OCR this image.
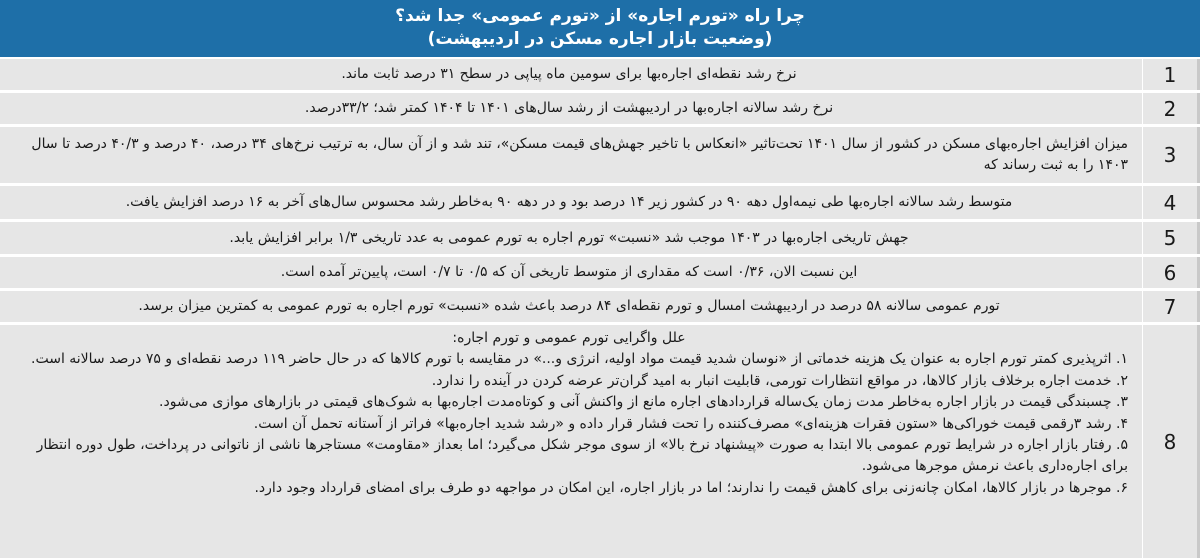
چرا راه «تورم اجاره» از «تورم عمومی» جدا شد؟
(وضعیت بازار اجاره مسکن در اردیبهشت)
1

نرخ رشد نقطه‌ای اجاره‌بها برای سومین ماه پیاپی در سطح ۳۱ درصد ثابت ماند.

2

نرخ رشد سالانه اجاره‌بها در اردیبهشت از رشد سال‌های ۱۴۰۱ تا ۱۴۰۴ کمتر شد؛ ۳۳/۲درصد.

3

میزان افزایش اجاره‌بهای مسکن در کشور از سال ۱۴۰۱ تحت‌تاثیر «انعکاس با تاخیر جهش‌های قیمت مسکن»، تند شد و از آن سال، به ترتیب نرخ‌های ۳۴ درصد، ۴۰ درصد و ۴۰/۳ درصد تا سال ۱۴۰۳ را به ثبت رساند که

4

متوسط رشد سالانه اجاره‌بها طی نیمه‌اول دهه ۹۰ در کشور زیر ۱۴ درصد بود و در دهه ۹۰ به‌خاطر رشد محسوس سال‌های آخر به ۱۶ درصد افزایش یافت.

5

جهش تاریخی اجاره‌بها در ۱۴۰۳ موجب شد «نسبت» تورم اجاره به تورم عمومی به عدد تاریخی ۱/۳ برابر افزایش یابد.

6

این نسبت الان، ۰/۳۶ است که مقداری از متوسط تاریخی آن که ۰/۵ تا ۰/۷ است، پایین‌تر آمده است.

7

تورم عمومی سالانه ۵۸ درصد در اردیبهشت امسال و تورم نقطه‌ای ۸۴ درصد باعث شده «نسبت» تورم اجاره به تورم عمومی به کمترین میزان برسد.

8

علل واگرایی تورم عمومی و تورم اجاره:

۱. اثرپذیری کمتر تورم اجاره به عنوان یک هزینه خدماتی از «نوسان شدید قیمت مواد اولیه، انرژی و...» در مقایسه با تورم کالاها که در حال حاضر ۱۱۹ درصد نقطه‌ای و ۷۵ درصد سالانه است.

۲. خدمت اجاره برخلاف بازار کالاها، در مواقع انتظارات تورمی، قابلیت انبار به امید گران‌تر عرضه کردن در آینده را ندارد.

۳. چسبندگی قیمت در بازار اجاره به‌خاطر مدت زمان یک‌ساله قراردادهای اجاره مانع از واکنش آنی و کوتاه‌مدت اجاره‌بها به شوک‌های قیمتی در بازارهای موازی می‌شود.

۴. رشد ۳رقمی قیمت خوراکی‌ها «ستون فقرات هزینه‌ای» مصرف‌کننده را تحت فشار قرار داده و «رشد شدید اجاره‌بها» فراتر از آستانه تحمل آن است.

۵. رفتار بازار اجاره در شرایط تورم عمومی بالا ابتدا به صورت «پیشنهاد نرخ بالا» از سوی موجر شکل می‌گیرد؛ اما بعداز «مقاومت» مستاجرها ناشی از ناتوانی در پرداخت، طول دوره انتظار برای اجاره‌داری باعث نرمش موجرها می‌شود.

۶. موجرها در بازار کالاها، امکان چانه‌زنی برای کاهش قیمت را ندارند؛ اما در بازار اجاره، این امکان در مواجهه دو طرف برای امضای قرارداد وجود دارد.
